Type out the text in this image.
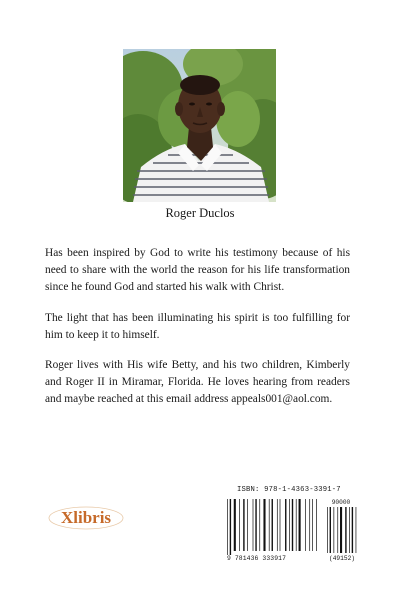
Roger Duclos

Has been inspired by God to write his testimony because of his need to share with the world the reason for his life transformation since he found God and started his walk with Christ.

The light that has been illuminating his spirit is too fulfilling for him to keep it to himself.

Roger lives with His wife Betty, and his two children, Kimberly and Roger II in Miramar, Florida. He loves hearing from readers and maybe reached at this email address appeals001@aol.com.

Xlibris
ISBN: 978-1-4363-3391-7
90000
9 781436 333917	(49152)
